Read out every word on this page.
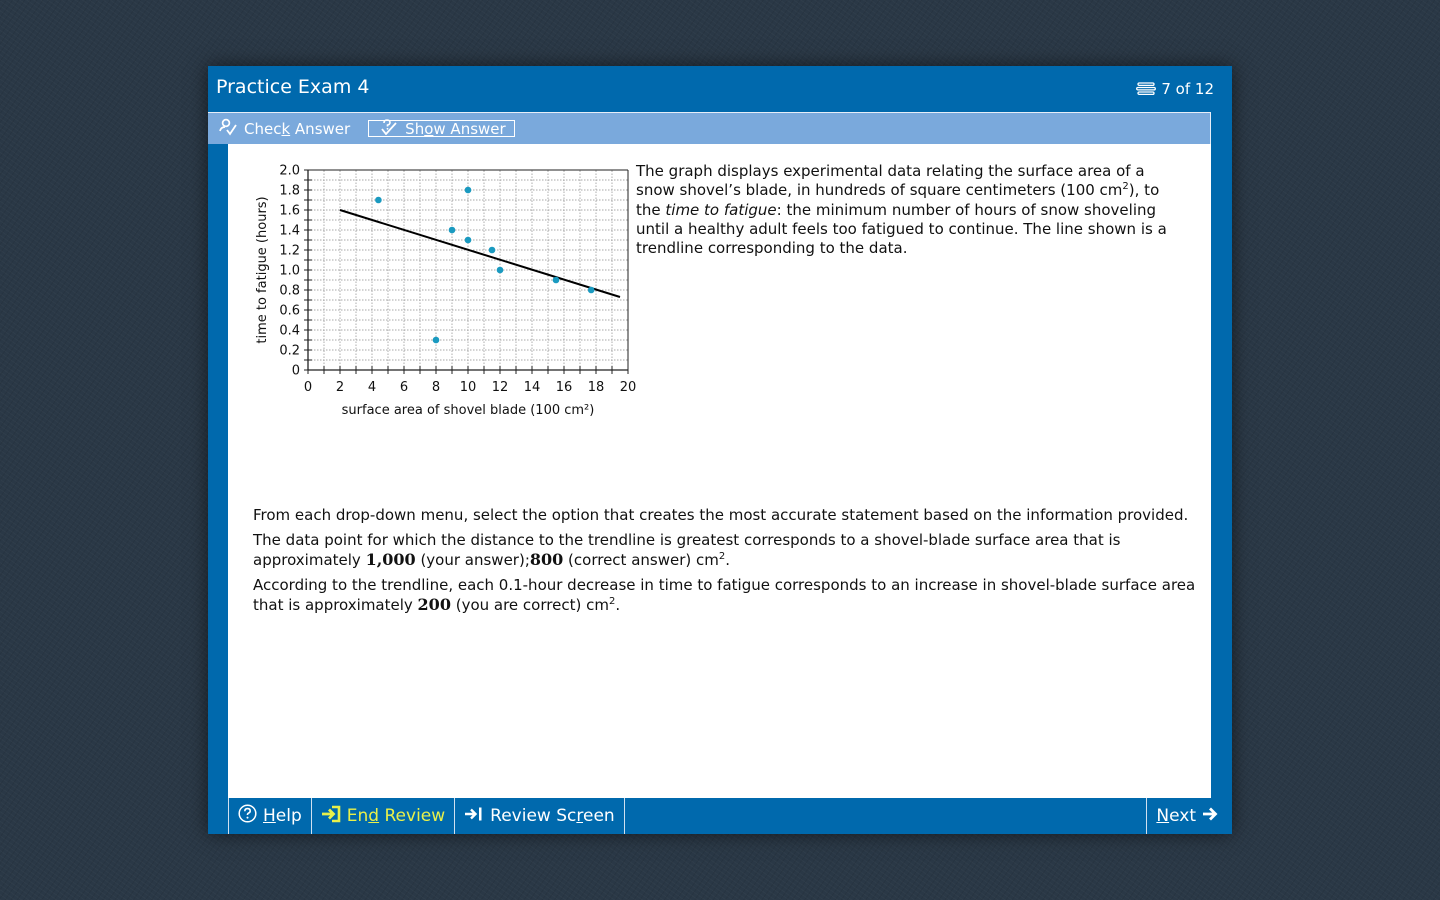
Practice Exam 4	7 of 12
Check Answer	Show Answer
0 2 4 6 8 10 12 14 16 18 20
0
0.2
0.4
0.6
0.8
1.0
1.2
1.4
1.6
1.8
2.0
surface area of shovel blade (100 cm²)
time to fatigue (hours)
The graph displays experimental data relating the surface area of a snow shovel’s blade, in hundreds of square centimeters (100 $cm^2$), to the time to fatigue: the minimum number of hours of snow shoveling until a healthy adult feels too fatigued to continue. The line shown is a trendline corresponding to the data.

From each drop-down menu, select the option that creates the most accurate statement based on the information provided.

The data point for which the distance to the trendline is greatest corresponds to a shovel-blade surface area that is approximately 1,000 (your answer);800 (correct answer) $cm^2$.

According to the trendline, each 0.1-hour decrease in time to fatigue corresponds to an increase in shovel-blade surface area that is approximately 200 (you are correct) $cm^2$.

Help	End Review	Review Screen	Next
